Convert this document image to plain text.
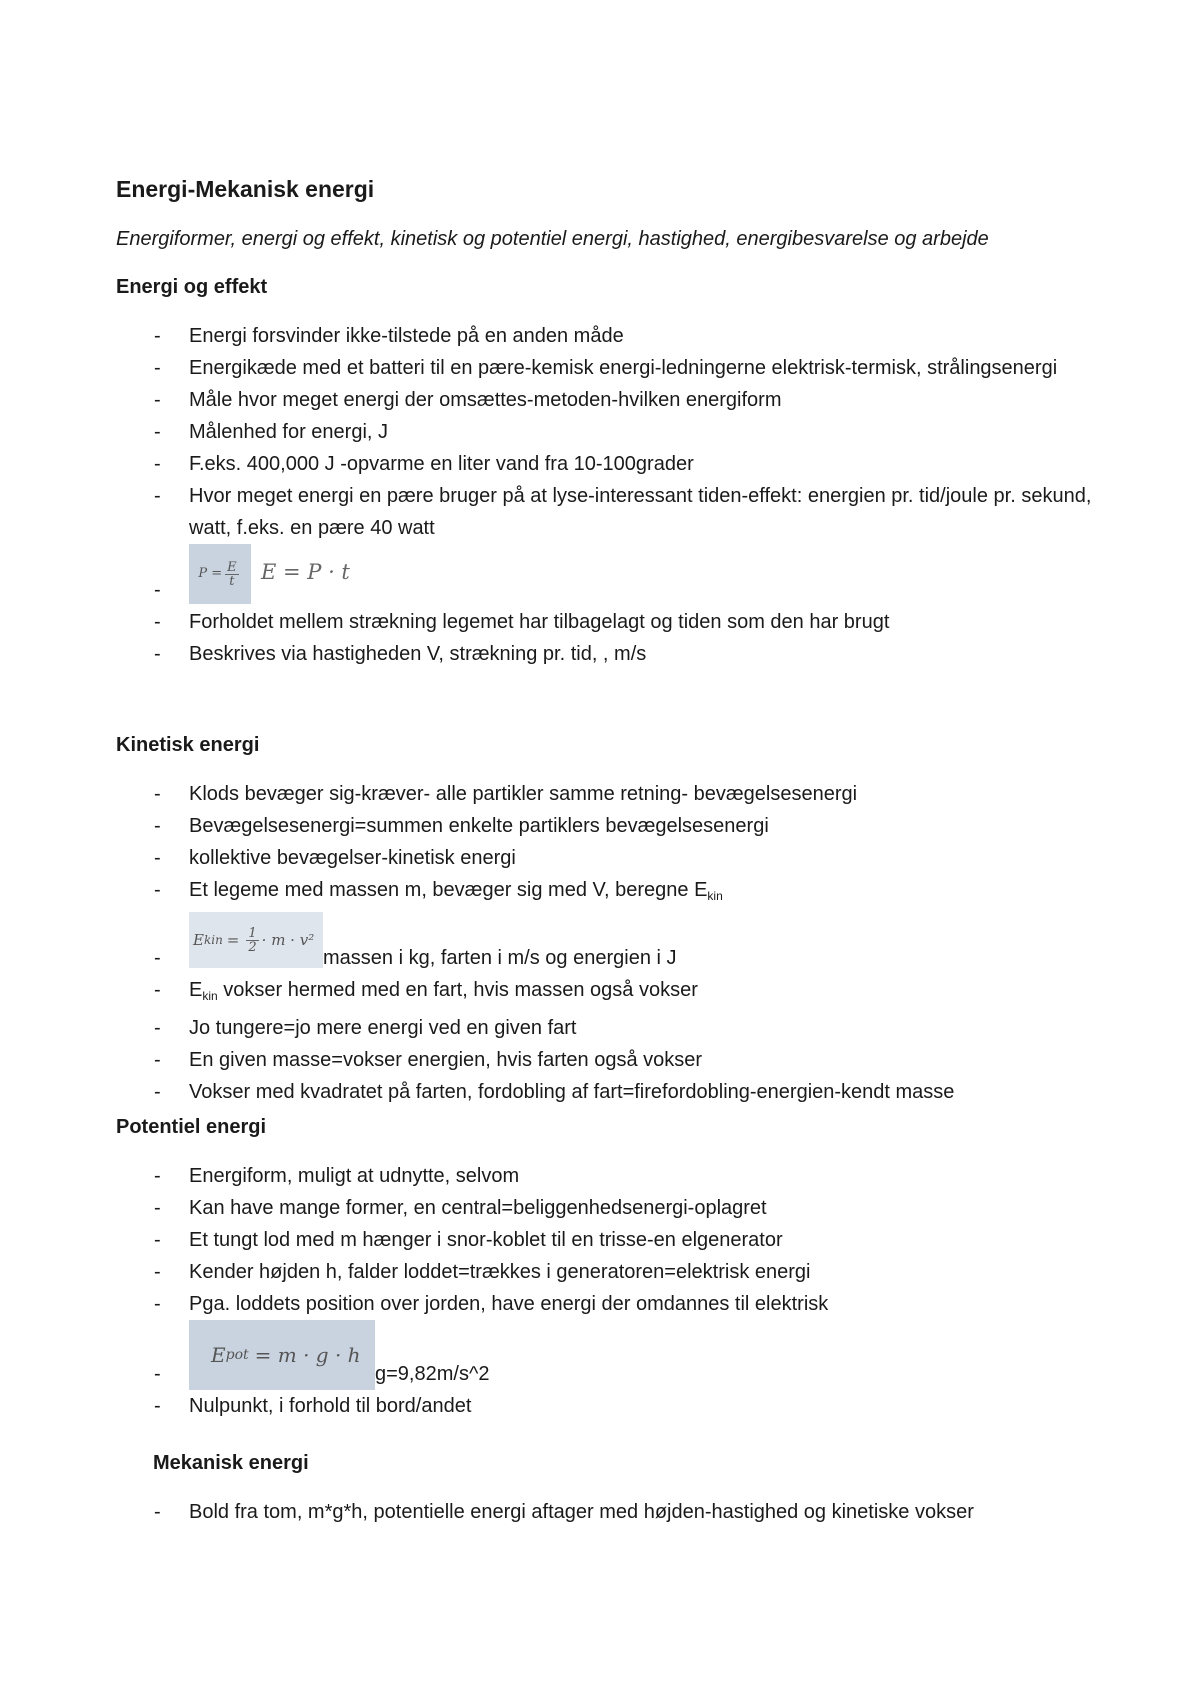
Energi-Mekanisk energi

Energiformer, energi og effekt, kinetisk og potentiel energi, hastighed, energibesvarelse og arbejde

Energi og effekt
- Energi forsvinder ikke-tilstede på en anden måde
- Energikæde med et batteri til en pære-kemisk energi-ledningerne elektrisk-termisk, strålingsenergi
- Måle hvor meget energi der omsættes-metoden-hvilken energiform
- Målenhed for energi, J
- F.eks. 400,000 J -opvarme en liter vand fra 10-100grader
- Hvor meget energi en pære bruger på at lyse-interessant tiden-effekt: energien pr. tid/joule pr. sekund, watt, f.eks. en pære 40 watt
-
$P = \frac{E}{t}$ E = P · t
- Forholdet mellem strækning legemet har tilbagelagt og tiden som den har brugt
- Beskrives via hastigheden V, strækning pr. tid, , m/s
Kinetisk energi
- Klods bevæger sig-kræver- alle partikler samme retning- bevægelsesenergi
- Bevægelsesenergi=summen enkelte partiklers bevægelsesenergi
- kollektive bevægelser-kinetisk energi
- Et legeme med massen m, bevæger sig med V, beregne $E_{kin}$
-
E kin = $\frac{1}{2} \cdot m \cdot v^2$
massen i kg, farten i m/s og energien i J
- $E_{kin}$ vokser hermed med en fart, hvis massen også vokser
- Jo tungere=jo mere energi ved en given fart
- En given masse=vokser energien, hvis farten også vokser
- Vokser med kvadratet på farten, fordobling af fart=firefordobling-energien-kendt masse
Potentiel energi
- Energiform, muligt at udnytte, selvom
- Kan have mange former, en central=beliggenhedsenergi-oplagret
- Et tungt lod med m hænger i snor-koblet til en trisse-en elgenerator
- Kender højden h, falder loddet=trækkes i generatoren=elektrisk energi
- Pga. loddets position over jorden, have energi der omdannes til elektrisk
-
E pot = m · g · h
g=9,82m/s^2
- Nulpunkt, i forhold til bord/andet
Mekanisk energi
- Bold fra tom, m*g*h, potentielle energi aftager med højden-hastighed og kinetiske vokser
